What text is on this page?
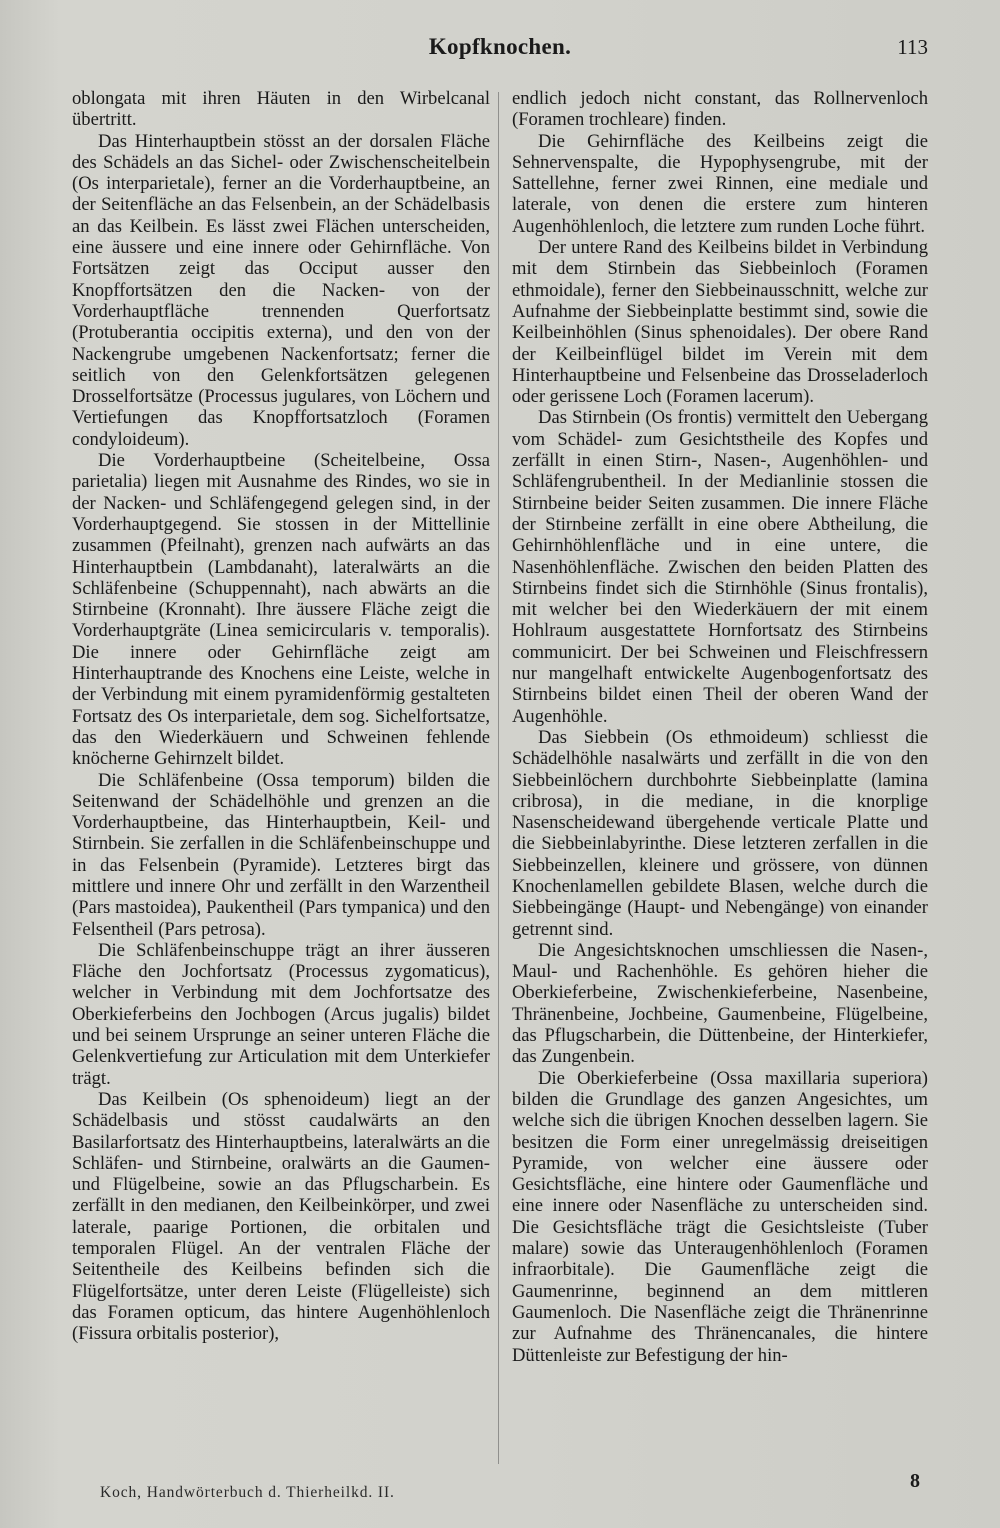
Kopfknochen.	113

oblongata mit ihren Häuten in den Wirbelcanal übertritt.

Das Hinterhauptbein stösst an der dorsalen Fläche des Schädels an das Sichel- oder Zwischenscheitelbein (Os interparietale), ferner an die Vorderhauptbeine, an der Seitenfläche an das Felsenbein, an der Schädelbasis an das Keilbein. Es lässt zwei Flächen unterscheiden, eine äussere und eine innere oder Gehirnfläche. Von Fortsätzen zeigt das Occiput ausser den Knopffortsätzen den die Nacken- von der Vorderhauptfläche trennenden Querfortsatz (Protuberantia occipitis externa), und den von der Nackengrube umgebenen Nackenfortsatz; ferner die seitlich von den Gelenkfortsätzen gelegenen Drosselfortsätze (Processus jugulares, von Löchern und Vertiefungen das Knopffortsatzloch (Foramen condyloideum).

Die Vorderhauptbeine (Scheitelbeine, Ossa parietalia) liegen mit Ausnahme des Rindes, wo sie in der Nacken- und Schläfengegend gelegen sind, in der Vorderhauptgegend. Sie stossen in der Mittellinie zusammen (Pfeilnaht), grenzen nach aufwärts an das Hinterhauptbein (Lambdanaht), lateralwärts an die Schläfenbeine (Schuppennaht), nach abwärts an die Stirnbeine (Kronnaht). Ihre äussere Fläche zeigt die Vorderhauptgräte (Linea semicircularis v. temporalis). Die innere oder Gehirnfläche zeigt am Hinterhauptrande des Knochens eine Leiste, welche in der Verbindung mit einem pyramidenförmig gestalteten Fortsatz des Os interparietale, dem sog. Sichelfortsatze, das den Wiederkäuern und Schweinen fehlende knöcherne Gehirnzelt bildet.

Die Schläfenbeine (Ossa temporum) bilden die Seitenwand der Schädelhöhle und grenzen an die Vorderhauptbeine, das Hinterhauptbein, Keil- und Stirnbein. Sie zerfallen in die Schläfenbeinschuppe und in das Felsenbein (Pyramide). Letzteres birgt das mittlere und innere Ohr und zerfällt in den Warzentheil (Pars mastoidea), Paukentheil (Pars tympanica) und den Felsentheil (Pars petrosa).

Die Schläfenbeinschuppe trägt an ihrer äusseren Fläche den Jochfortsatz (Processus zygomaticus), welcher in Verbindung mit dem Jochfortsatze des Oberkieferbeins den Jochbogen (Arcus jugalis) bildet und bei seinem Ursprunge an seiner unteren Fläche die Gelenkvertiefung zur Articulation mit dem Unterkiefer trägt.

Das Keilbein (Os sphenoideum) liegt an der Schädelbasis und stösst caudalwärts an den Basilarfortsatz des Hinterhauptbeins, lateralwärts an die Schläfen- und Stirnbeine, oralwärts an die Gaumen- und Flügelbeine, sowie an das Pflugscharbein. Es zerfällt in den medianen, den Keilbeinkörper, und zwei laterale, paarige Portionen, die orbitalen und temporalen Flügel. An der ventralen Fläche der Seitentheile des Keilbeins befinden sich die Flügelfortsätze, unter deren Leiste (Flügelleiste) sich das Foramen opticum, das hintere Augenhöhlenloch (Fissura orbitalis posterior),

endlich jedoch nicht constant, das Rollnervenloch (Foramen trochleare) finden.

Die Gehirnfläche des Keilbeins zeigt die Sehnervenspalte, die Hypophysengrube, mit der Sattellehne, ferner zwei Rinnen, eine mediale und laterale, von denen die erstere zum hinteren Augenhöhlenloch, die letztere zum runden Loche führt.

Der untere Rand des Keilbeins bildet in Verbindung mit dem Stirnbein das Siebbeinloch (Foramen ethmoidale), ferner den Siebbeinausschnitt, welche zur Aufnahme der Siebbeinplatte bestimmt sind, sowie die Keilbeinhöhlen (Sinus sphenoidales). Der obere Rand der Keilbeinflügel bildet im Verein mit dem Hinterhauptbeine und Felsenbeine das Drosseladerloch oder gerissene Loch (Foramen lacerum).

Das Stirnbein (Os frontis) vermittelt den Uebergang vom Schädel- zum Gesichtstheile des Kopfes und zerfällt in einen Stirn-, Nasen-, Augenhöhlen- und Schläfengrubentheil. In der Medianlinie stossen die Stirnbeine beider Seiten zusammen. Die innere Fläche der Stirnbeine zerfällt in eine obere Abtheilung, die Gehirnhöhlenfläche und in eine untere, die Nasenhöhlenfläche. Zwischen den beiden Platten des Stirnbeins findet sich die Stirnhöhle (Sinus frontalis), mit welcher bei den Wiederkäuern der mit einem Hohlraum ausgestattete Hornfortsatz des Stirnbeins communicirt. Der bei Schweinen und Fleischfressern nur mangelhaft entwickelte Augenbogenfortsatz des Stirnbeins bildet einen Theil der oberen Wand der Augenhöhle.

Das Siebbein (Os ethmoideum) schliesst die Schädelhöhle nasalwärts und zerfällt in die von den Siebbeinlöchern durchbohrte Siebbeinplatte (lamina cribrosa), in die mediane, in die knorplige Nasenscheidewand übergehende verticale Platte und die Siebbeinlabyrinthe. Diese letzteren zerfallen in die Siebbeinzellen, kleinere und grössere, von dünnen Knochenlamellen gebildete Blasen, welche durch die Siebbeingänge (Haupt- und Nebengänge) von einander getrennt sind.

Die Angesichtsknochen umschliessen die Nasen-, Maul- und Rachenhöhle. Es gehören hieher die Oberkieferbeine, Zwischenkieferbeine, Nasenbeine, Thränenbeine, Jochbeine, Gaumenbeine, Flügelbeine, das Pflugscharbein, die Düttenbeine, der Hinterkiefer, das Zungenbein.

Die Oberkieferbeine (Ossa maxillaria superiora) bilden die Grundlage des ganzen Angesichtes, um welche sich die übrigen Knochen desselben lagern. Sie besitzen die Form einer unregelmässig dreiseitigen Pyramide, von welcher eine äussere oder Gesichtsfläche, eine hintere oder Gaumenfläche und eine innere oder Nasenfläche zu unterscheiden sind. Die Gesichtsfläche trägt die Gesichtsleiste (Tuber malare) sowie das Unteraugenhöhlenloch (Foramen infraorbitale). Die Gaumenfläche zeigt die Gaumenrinne, beginnend an dem mittleren Gaumenloch. Die Nasenfläche zeigt die Thränenrinne zur Aufnahme des Thränencanales, die hintere Düttenleiste zur Befestigung der hin-

Koch, Handwörterbuch d. Thierheilkd. II.
8
